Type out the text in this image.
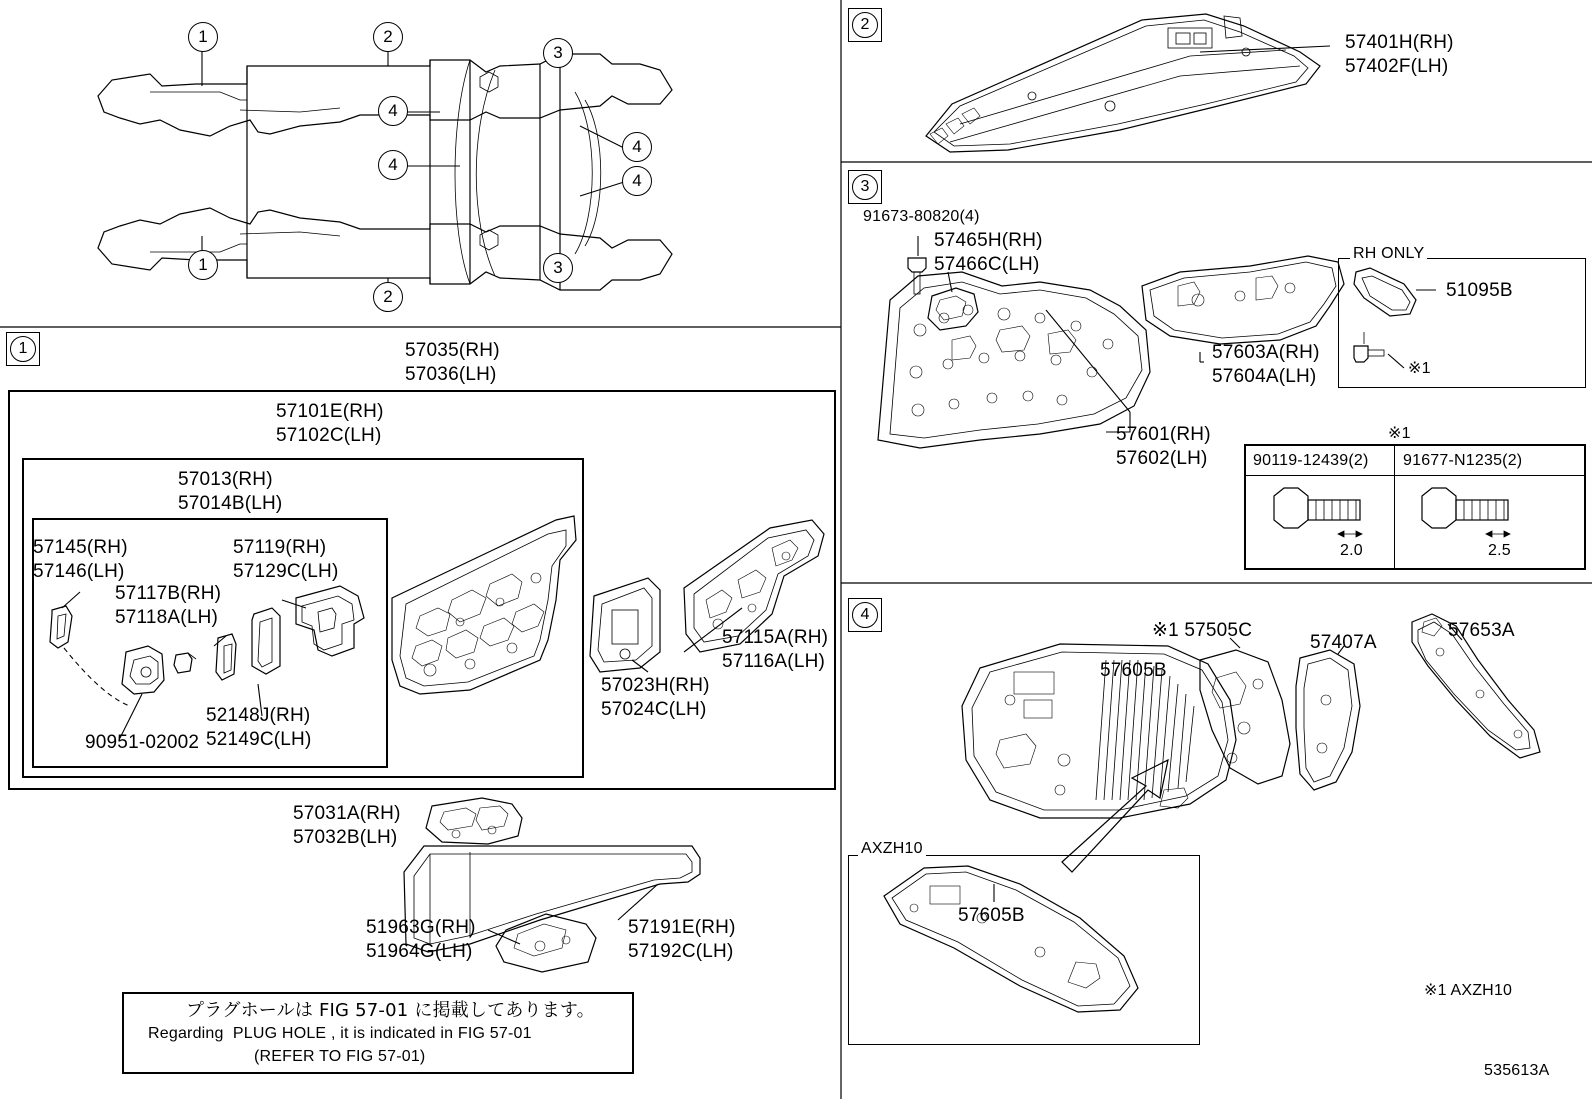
1	2
3
4
4
4
4
1
2
3
1
2
3
4
57035(RH)
57036(LH)
57101E(RH)
57102C(LH)
57013(RH)
57014B(LH)
57145(RH)
57146(LH)
57117B(RH)
57118A(LH)
57119(RH)
57129C(LH)
52148J(RH)
52149C(LH)
90951-02002
57023H(RH)
57024C(LH)
57115A(RH)
57116A(LH)
57031A(RH)
57032B(LH)
51963G(RH)
51964G(LH)
57191E(RH)
57192C(LH)
プラグホールは FIG 57-01 に掲載してあります。
Regarding  PLUG HOLE , it is indicated in FIG 57-01
(REFER TO FIG 57-01)
57401H(RH)
57402F(LH)
91673-80820(4)
57465H(RH)
57466C(LH)
57603A(RH)
57604A(LH)
57601(RH)
57602(LH)
RH ONLY
51095B
※1
※1
90119-12439(2) 91677-N1235(2)
2.0	2.5
※1 57505C
57407A
57653A
57605B
AXZH10
57605B
※1 AXZH10
535613A
